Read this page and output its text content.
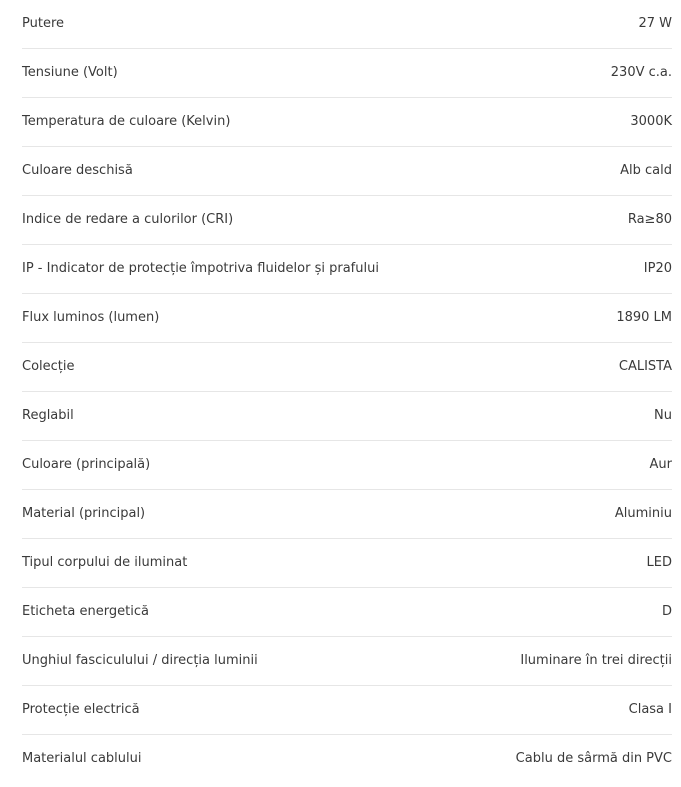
Putere	27 W
Tensiune (Volt)	230V c.a.
Temperatura de culoare (Kelvin)	3000K
Culoare deschisă	Alb cald
Indice de redare a culorilor (CRI)	Ra≥80
IP - Indicator de protecție împotriva fluidelor și prafului	IP20
Flux luminos (lumen)	1890 LM
Colecție	CALISTA
Reglabil	Nu
Culoare (principală)	Aur
Material (principal)	Aluminiu
Tipul corpului de iluminat	LED
Eticheta energetică	D
Unghiul fasciculului / direcția luminii	Iluminare în trei direcții
Protecție electrică	Clasa I
Materialul cablului	Cablu de sârmă din PVC
